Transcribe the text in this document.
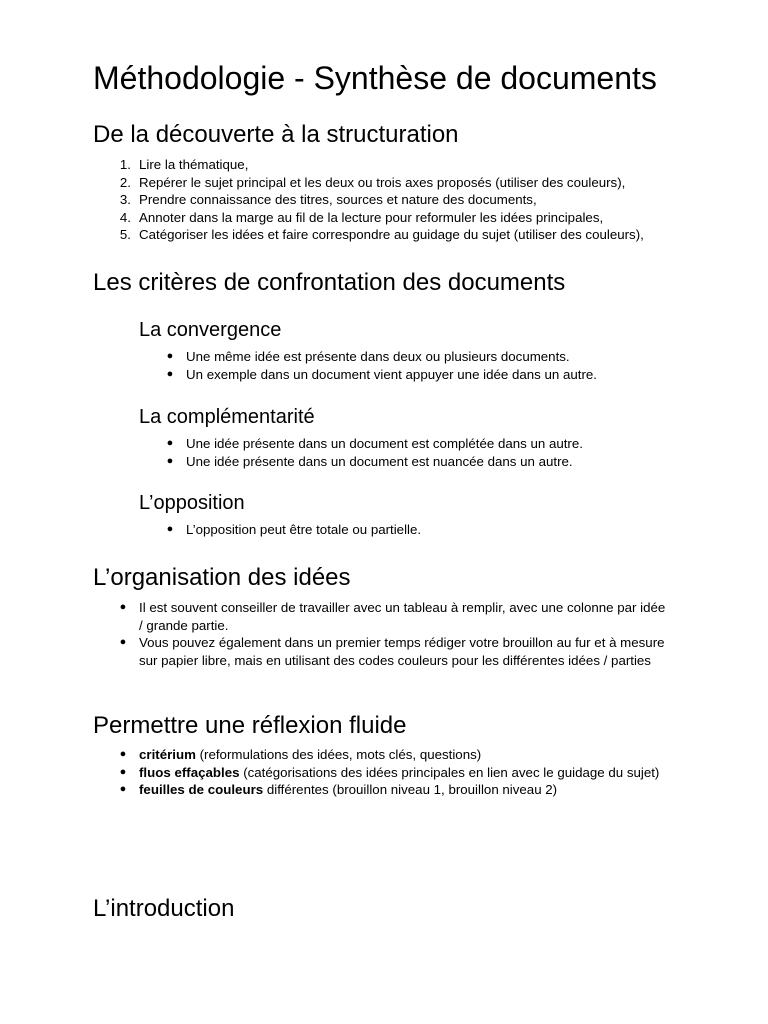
Méthodologie - Synthèse de documents
De la découverte à la structuration
1. Lire la thématique,
2. Repérer le sujet principal et les deux ou trois axes proposés (utiliser des couleurs),
3. Prendre connaissance des titres, sources et nature des documents,
4. Annoter dans la marge au fil de la lecture pour reformuler les idées principales,
5. Catégoriser les idées et faire correspondre au guidage du sujet (utiliser des couleurs),
Les critères de confrontation des documents
La convergence
● Une même idée est présente dans deux ou plusieurs documents.
● Un exemple dans un document vient appuyer une idée dans un autre.
La complémentarité
● Une idée présente dans un document est complétée dans un autre.
● Une idée présente dans un document est nuancée dans un autre.
L’opposition
● L’opposition peut être totale ou partielle.
L’organisation des idées
● Il est souvent conseiller de travailler avec un tableau à remplir, avec une colonne par idée / grande partie.
● Vous pouvez également dans un premier temps rédiger votre brouillon au fur et à mesure sur papier libre, mais en utilisant des codes couleurs pour les différentes idées / parties
Permettre une réflexion fluide
● critérium (reformulations des idées, mots clés, questions)
● fluos effaçables (catégorisations des idées principales en lien avec le guidage du sujet)
● feuilles de couleurs différentes (brouillon niveau 1, brouillon niveau 2)
L’introduction
